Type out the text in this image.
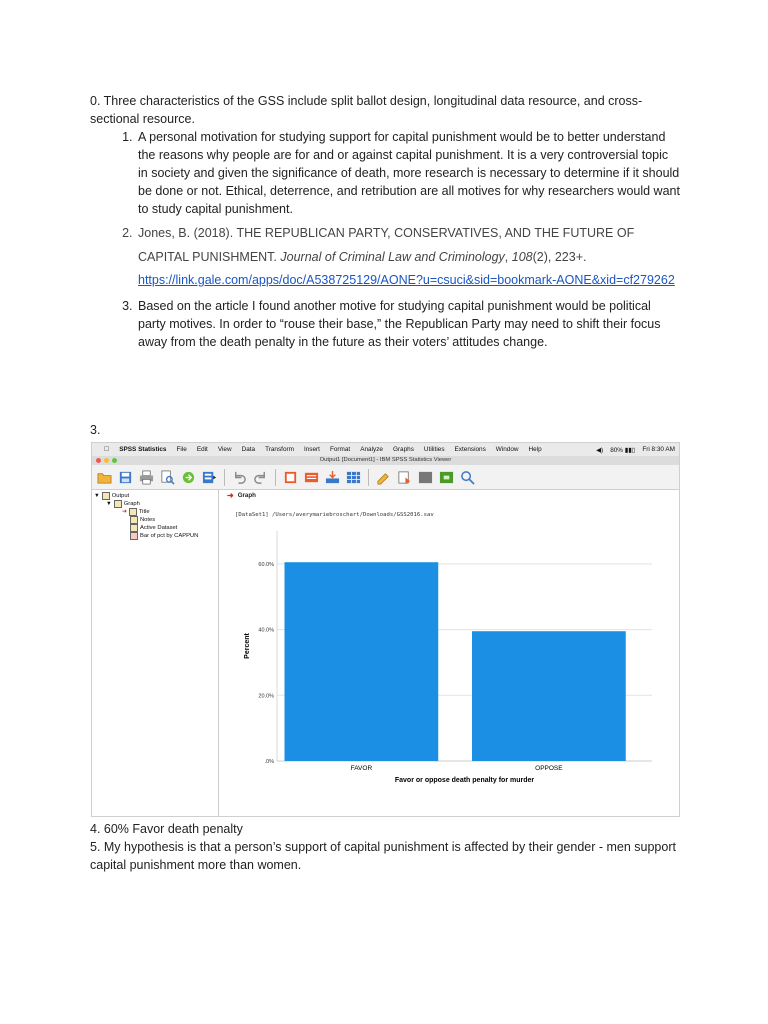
0. Three characteristics of the GSS include split ballot design, longitudinal data resource, and cross-sectional resource.

1. A personal motivation for studying support for capital punishment would be to better understand the reasons why people are for and or against capital punishment. It is a very controversial topic in society and given the significance of death, more research is necessary to determine if it should be done or not. Ethical, deterrence, and retribution are all motives for why researchers would want to study capital punishment.
2. Jones, B. (2018). THE REPUBLICAN PARTY, CONSERVATIVES, AND THE FUTURE OF CAPITAL PUNISHMENT. Journal of Criminal Law and Criminology, 108(2), 223+.
https://link.gale.com/apps/doc/A538725129/AONE?u=csuci&sid=bookmark-AONE&xid=cf279262
3. Based on the article I found another motive for studying capital punishment would be political party motives. In order to “rouse their base,” the Republican Party may need to shift their focus away from the death penalty in the future as their voters’ attitudes change.
3.
SPSS Statistics File Edit View Data Transform Insert Format Analyze Graphs Utilities Extensions Window Help	◀) 80% ▮▮▯ Fri 8:30 AM
Output1 [Document1] - IBM SPSS Statistics Viewer
▼ Output
▼ Graph
➜ Title
Notes
Active Dataset
Bar of pct by CAPPUN
➜ Graph
[DataSet1] /Users/averymariebroschart/Downloads/GSS2016.sav
Percent
Favor or oppose death penalty for murder
.0%
20.0%
40.0%
60.0%
FAVOR	OPPOSE

4. 60% Favor death penalty

5. My hypothesis is that a person’s support of capital punishment is affected by their gender - men support capital punishment more than women.
